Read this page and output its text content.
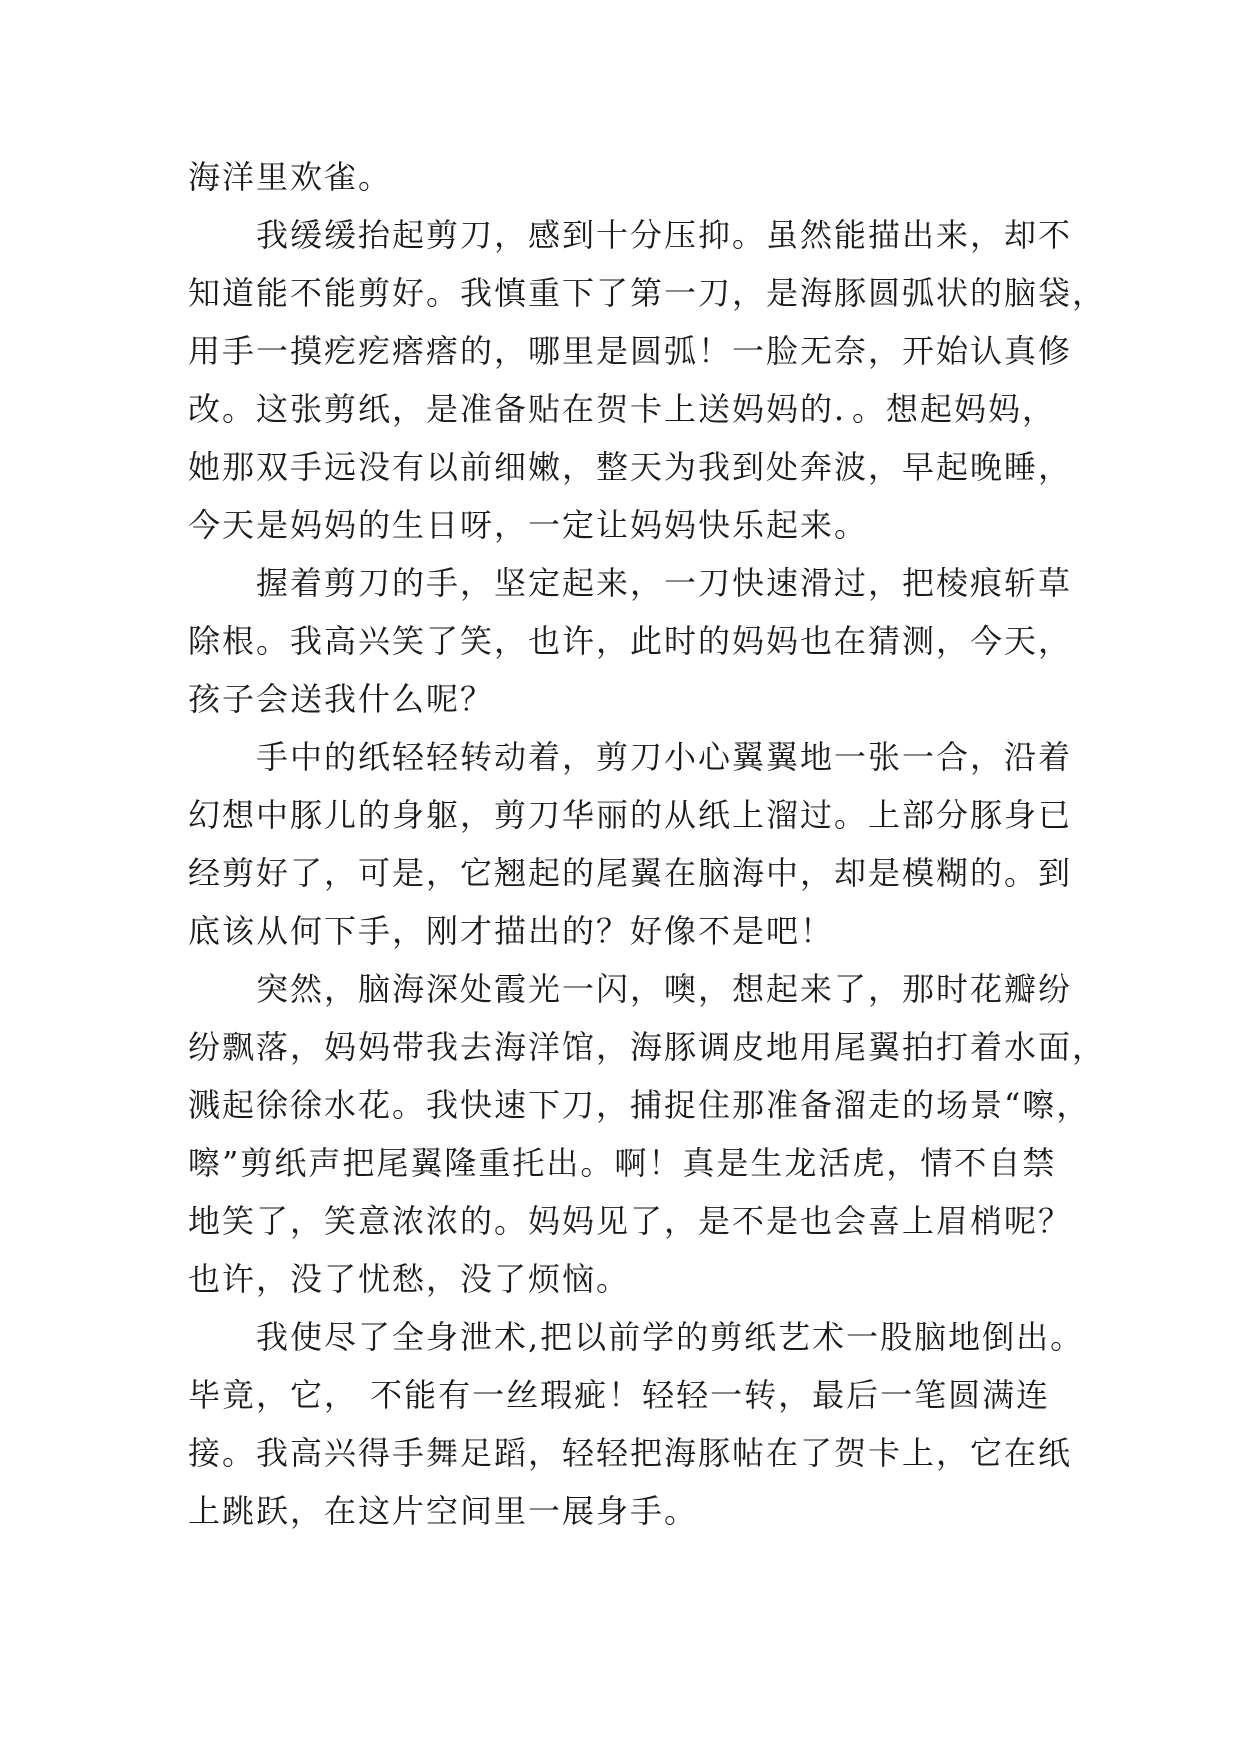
海洋里欢雀。
我缓缓抬起剪刀，感到十分压抑。虽然能描出来，却不
知道能不能剪好。我慎重下了第一刀，是海豚圆弧状的脑袋，
用手一摸疙疙瘩瘩的，哪里是圆弧！一脸无奈，开始认真修
改。这张剪纸，是准备贴在贺卡上送妈妈的．。想起妈妈，
她那双手远没有以前细嫩，整天为我到处奔波，早起晚睡，
今天是妈妈的生日呀，一定让妈妈快乐起来。
握着剪刀的手，坚定起来，一刀快速滑过，把棱痕斩草
除根。我高兴笑了笑，也许，此时的妈妈也在猜测，今天，
孩子会送我什么呢？
手中的纸轻轻转动着，剪刀小心翼翼地一张一合，沿着
幻想中豚儿的身躯，剪刀华丽的从纸上溜过。上部分豚身已
经剪好了，可是，它翘起的尾翼在脑海中，却是模糊的。到
底该从何下手，刚才描出的？好像不是吧！
突然，脑海深处霞光一闪，噢，想起来了，那时花瓣纷
纷飘落，妈妈带我去海洋馆，海豚调皮地用尾翼拍打着水面，
溅起徐徐水花。我快速下刀，捕捉住那准备溜走的场景“嚓，
嚓”剪纸声把尾翼隆重托出。啊！真是生龙活虎，情不自禁
地笑了，笑意浓浓的。妈妈见了，是不是也会喜上眉梢呢？
也许，没了忧愁，没了烦恼。
我使尽了全身泄术,把以前学的剪纸艺术一股脑地倒出。
毕竟，它， 不能有一丝瑕疵！轻轻一转，最后一笔圆满连
接。我高兴得手舞足蹈，轻轻把海豚帖在了贺卡上，它在纸
上跳跃，在这片空间里一展身手。
